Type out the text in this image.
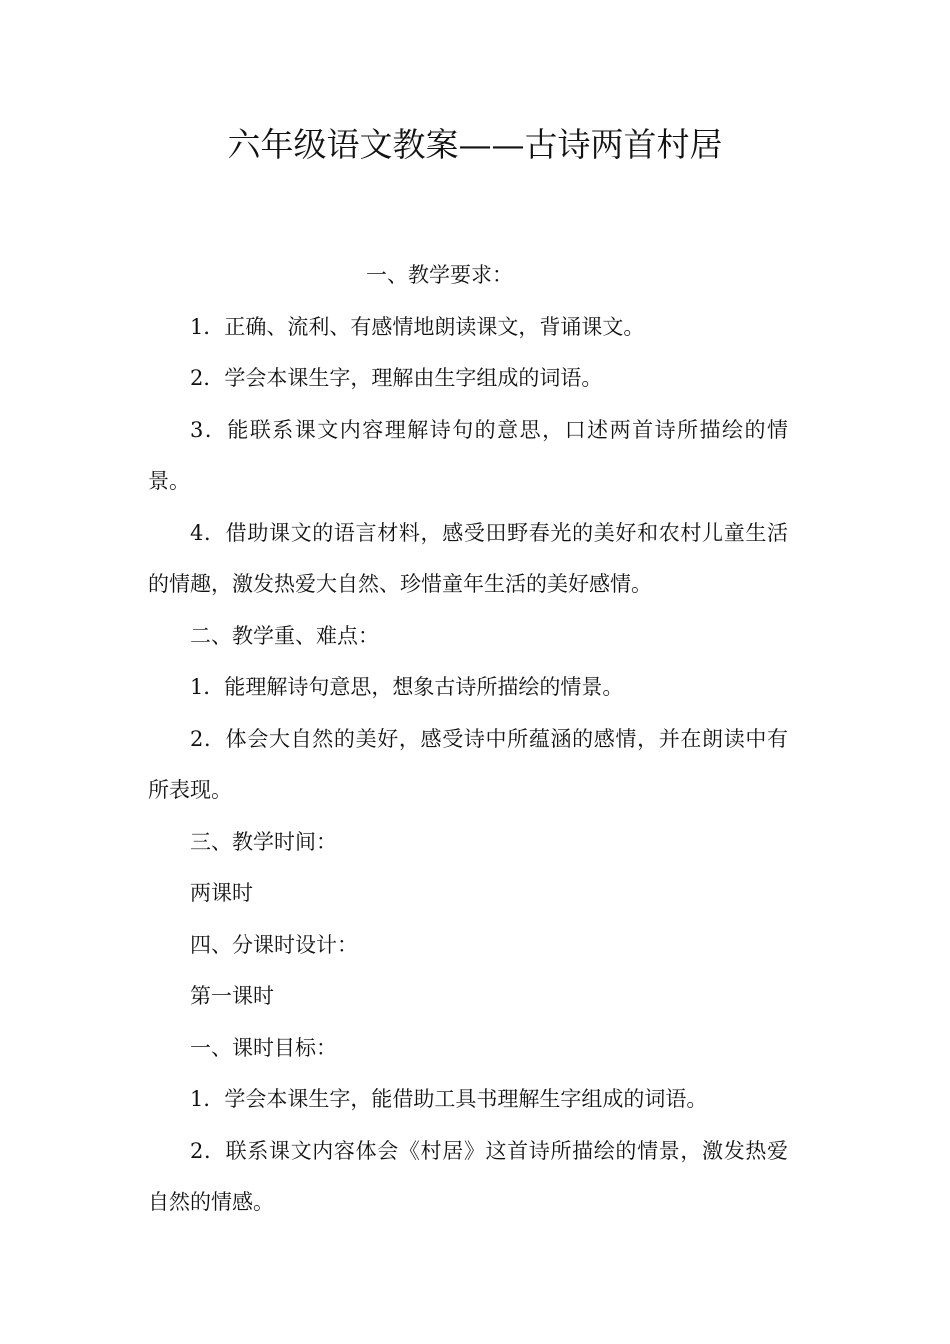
六年级语文教案——古诗两首村居

一、教学要求：

1．正确、流利、有感情地朗读课文，背诵课文。

2．学会本课生字，理解由生字组成的词语。

3．能联系课文内容理解诗句的意思，口述两首诗所描绘的情景。

4．借助课文的语言材料，感受田野春光的美好和农村儿童生活的情趣，激发热爱大自然、珍惜童年生活的美好感情。

二、教学重、难点：

1．能理解诗句意思，想象古诗所描绘的情景。

2．体会大自然的美好，感受诗中所蕴涵的感情，并在朗读中有所表现。

三、教学时间：

两课时

四、分课时设计：

第一课时

一、课时目标：

1．学会本课生字，能借助工具书理解生字组成的词语。

2．联系课文内容体会《村居》这首诗所描绘的情景，激发热爱自然的情感。
